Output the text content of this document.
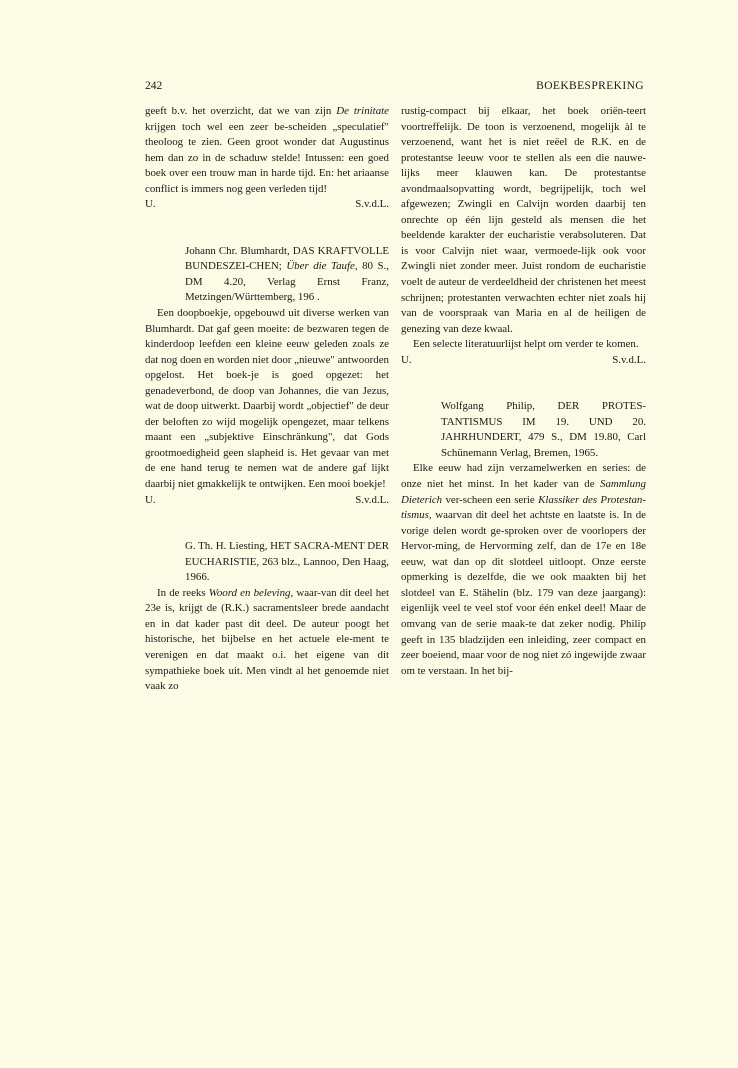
242	BOEKBESPREKING

geeft b.v. het overzicht, dat we van zijn De trinitate krijgen toch wel een zeer be-scheiden „speculatief" theoloog te zien. Geen groot wonder dat Augustinus hem dan zo in de schaduw stelde! Intussen: een goed boek over een trouw man in harde tijd. En: het ariaanse conflict is immers nog geen verleden tijd!

U.	S.v.d.L.

Johann Chr. Blumhardt, DAS KRAFTVOLLE BUNDESZEI-CHEN; Über die Taufe, 80 S., DM 4.20, Verlag Ernst Franz, Metzingen/Württemberg, 196 .

Een doopboekje, opgebouwd uit diverse werken van Blumhardt. Dat gaf geen moeite: de bezwaren tegen de kinderdoop leefden een kleine eeuw geleden zoals ze dat nog doen en worden niet door „nieuwe" antwoorden opgelost. Het boek-je is goed opgezet: het genadeverbond, de doop van Johannes, die van Jezus, wat de doop uitwerkt. Daarbij wordt „objectief" de deur der beloften zo wijd mogelijk opengezet, maar telkens maant een „subjektive Einschränkung", dat Gods grootmoedigheid geen slapheid is. Het gevaar van met de ene hand terug te nemen wat de andere gaf lijkt daarbij niet gmakkelijk te ontwijken. Een mooi boekje!

U.	S.v.d.L.

G. Th. H. Liesting, HET SACRA-MENT DER EUCHARISTIE, 263 blz., Lannoo, Den Haag, 1966.

In de reeks Woord en beleving, waar-van dit deel het 23e is, krijgt de (R.K.) sacramentsleer brede aandacht en in dat kader past dit deel. De auteur poogt het historische, het bijbelse en het actuele ele-ment te verenigen en dat maakt o.i. het eigene van dit sympathieke boek uit. Men vindt al het genoemde niet vaak zo

rustig-compact bij elkaar, het boek oriën-teert voortreffelijk. De toon is verzoenend, mogelijk àl te verzoenend, want het is niet reëel de R.K. en de protestantse leeuw voor te stellen als een die nauwe-lijks meer klauwen kan. De protestantse avondmaalsopvatting wordt, begrijpelijk, toch wel afgewezen; Zwingli en Calvijn worden daarbij ten onrechte op één lijn gesteld als mensen die het beeldende karakter der eucharistie verabsoluteren. Dat is voor Calvijn niet waar, vermoede-lijk ook voor Zwingli niet zonder meer. Juist rondom de eucharistie voelt de auteur de verdeeldheid der christenen het meest schrijnen; protestanten verwachten echter niet zoals hij van de voorspraak van Maria en al de heiligen de genezing van deze kwaal.

Een selecte literatuurlijst helpt om verder te komen.

U.	S.v.d.L.

Wolfgang Philip, DER PROTES-TANTISMUS IM 19. UND 20. JAHRHUNDERT, 479 S., DM 19.80, Carl Schünemann Verlag, Bremen, 1965.

Elke eeuw had zijn verzamelwerken en series: de onze niet het minst. In het kader van de Sammlung Dieterich ver-scheen een serie Klassiker des Protestan-tismus, waarvan dit deel het achtste en laatste is. In de vorige delen wordt ge-sproken over de voorlopers der Hervor-ming, de Hervorming zelf, dan de 17e en 18e eeuw, wat dan op dit slotdeel uitloopt. Onze eerste opmerking is dezelfde, die we ook maakten bij het slotdeel van E. Stähelin (blz. 179 van deze jaargang): eigenlijk veel te veel stof voor één enkel deel! Maar de omvang van de serie maak-te dat zeker nodig. Philip geeft in 135 bladzijden een inleiding, zeer compact en zeer boeiend, maar voor de nog niet zó ingewijde zwaar om te verstaan. In het bij-
